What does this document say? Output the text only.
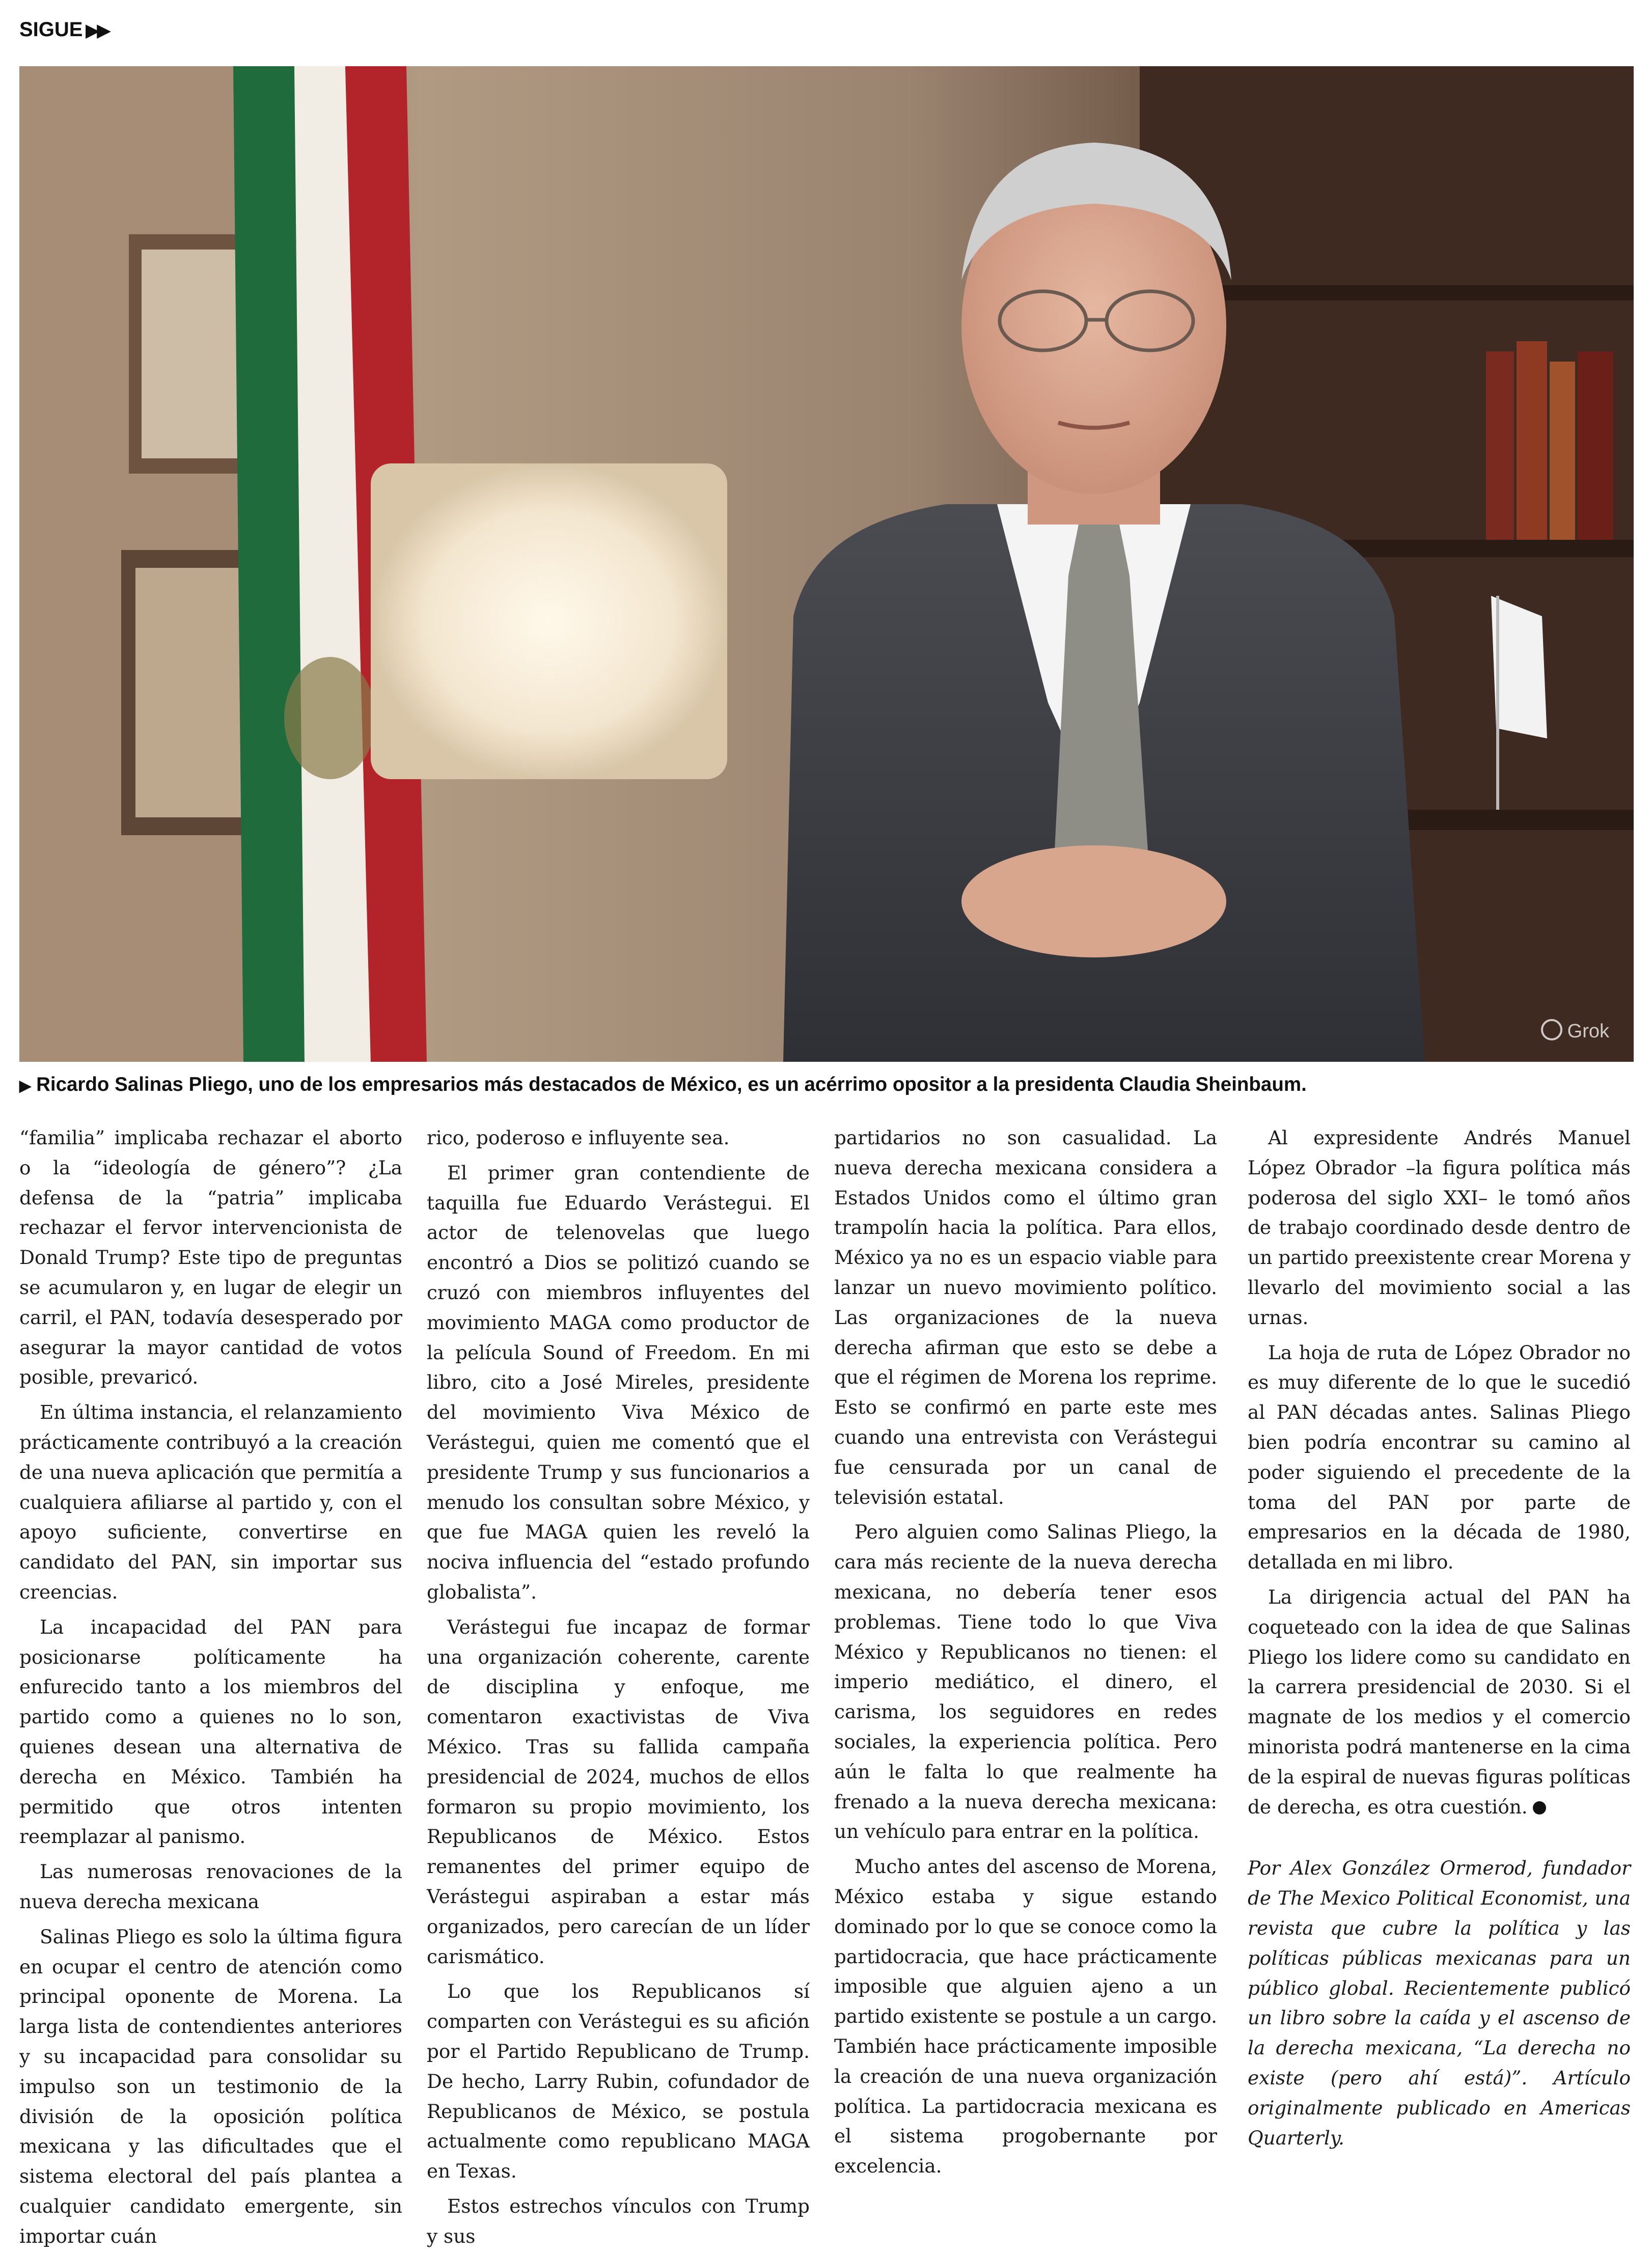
SIGUE ▶▶
Grok
▶ Ricardo Salinas Pliego, uno de los empresarios más destacados de México, es un acérrimo opositor a la presidenta Claudia Sheinbaum.

“familia” implicaba rechazar el aborto o la “ideología de género”? ¿La defensa de la “patria” implicaba rechazar el fervor intervencionista de Donald Trump? Este tipo de preguntas se acumularon y, en lugar de elegir un carril, el PAN, todavía desesperado por asegurar la mayor cantidad de votos posible, prevaricó.

En última instancia, el relanzamiento prácticamente contribuyó a la creación de una nueva aplicación que permitía a cualquiera afiliarse al partido y, con el apoyo suficiente, convertirse en candidato del PAN, sin importar sus creencias.

La incapacidad del PAN para posicionarse políticamente ha enfurecido tanto a los miembros del partido como a quienes no lo son, quienes desean una alternativa de derecha en México. También ha permitido que otros intenten reemplazar al panismo.

Las numerosas renovaciones de la nueva derecha mexicana

Salinas Pliego es solo la última figura en ocupar el centro de atención como principal oponente de Morena. La larga lista de contendientes anteriores y su incapacidad para consolidar su impulso son un testimonio de la división de la oposición política mexicana y las dificultades que el sistema electoral del país plantea a cualquier candidato emergente, sin importar cuán

rico, poderoso e influyente sea.

El primer gran contendiente de taquilla fue Eduardo Verástegui. El actor de telenovelas que luego encontró a Dios se politizó cuando se cruzó con miembros influyentes del movimiento MAGA como productor de la película Sound of Freedom. En mi libro, cito a José Mireles, presidente del movimiento Viva México de Verástegui, quien me comentó que el presidente Trump y sus funcionarios a menudo los consultan sobre México, y que fue MAGA quien les reveló la nociva influencia del “estado profundo globalista”.

Verástegui fue incapaz de formar una organización coherente, carente de disciplina y enfoque, me comentaron exactivistas de Viva México. Tras su fallida campaña presidencial de 2024, muchos de ellos formaron su propio movimiento, los Republicanos de México. Estos remanentes del primer equipo de Verástegui aspiraban a estar más organizados, pero carecían de un líder carismático.

Lo que los Republicanos sí comparten con Verástegui es su afición por el Partido Republicano de Trump. De hecho, Larry Rubin, cofundador de Republicanos de México, se postula actualmente como republicano MAGA en Texas.

Estos estrechos vínculos con Trump y sus

partidarios no son casualidad. La nueva derecha mexicana considera a Estados Unidos como el último gran trampolín hacia la política. Para ellos, México ya no es un espacio viable para lanzar un nuevo movimiento político. Las organizaciones de la nueva derecha afirman que esto se debe a que el régimen de Morena los reprime. Esto se confirmó en parte este mes cuando una entrevista con Verástegui fue censurada por un canal de televisión estatal.

Pero alguien como Salinas Pliego, la cara más reciente de la nueva derecha mexicana, no debería tener esos problemas. Tiene todo lo que Viva México y Republicanos no tienen: el imperio mediático, el dinero, el carisma, los seguidores en redes sociales, la experiencia política. Pero aún le falta lo que realmente ha frenado a la nueva derecha mexicana: un vehículo para entrar en la política.

Mucho antes del ascenso de Morena, México estaba y sigue estando dominado por lo que se conoce como la partidocracia, que hace prácticamente imposible que alguien ajeno a un partido existente se postule a un cargo. También hace prácticamente imposible la creación de una nueva organización política. La partidocracia mexicana es el sistema progobernante por excelencia.

Al expresidente Andrés Manuel López Obrador –la figura política más poderosa del siglo XXI– le tomó años de trabajo coordinado desde dentro de un partido preexistente crear Morena y llevarlo del movimiento social a las urnas.

La hoja de ruta de López Obrador no es muy diferente de lo que le sucedió al PAN décadas antes. Salinas Pliego bien podría encontrar su camino al poder siguiendo el precedente de la toma del PAN por parte de empresarios en la década de 1980, detallada en mi libro.

La dirigencia actual del PAN ha coqueteado con la idea de que Salinas Pliego los lidere como su candidato en la carrera presidencial de 2030. Si el magnate de los medios y el comercio minorista podrá mantenerse en la cima de la espiral de nuevas figuras políticas de derecha, es otra cuestión.

Por Alex González Ormerod, fundador de The Mexico Political Economist, una revista que cubre la política y las políticas públicas mexicanas para un público global. Recientemente publicó un libro sobre la caída y el ascenso de la derecha mexicana, “La derecha no existe (pero ahí está)”. Artículo originalmente publicado en Americas Quarterly.
